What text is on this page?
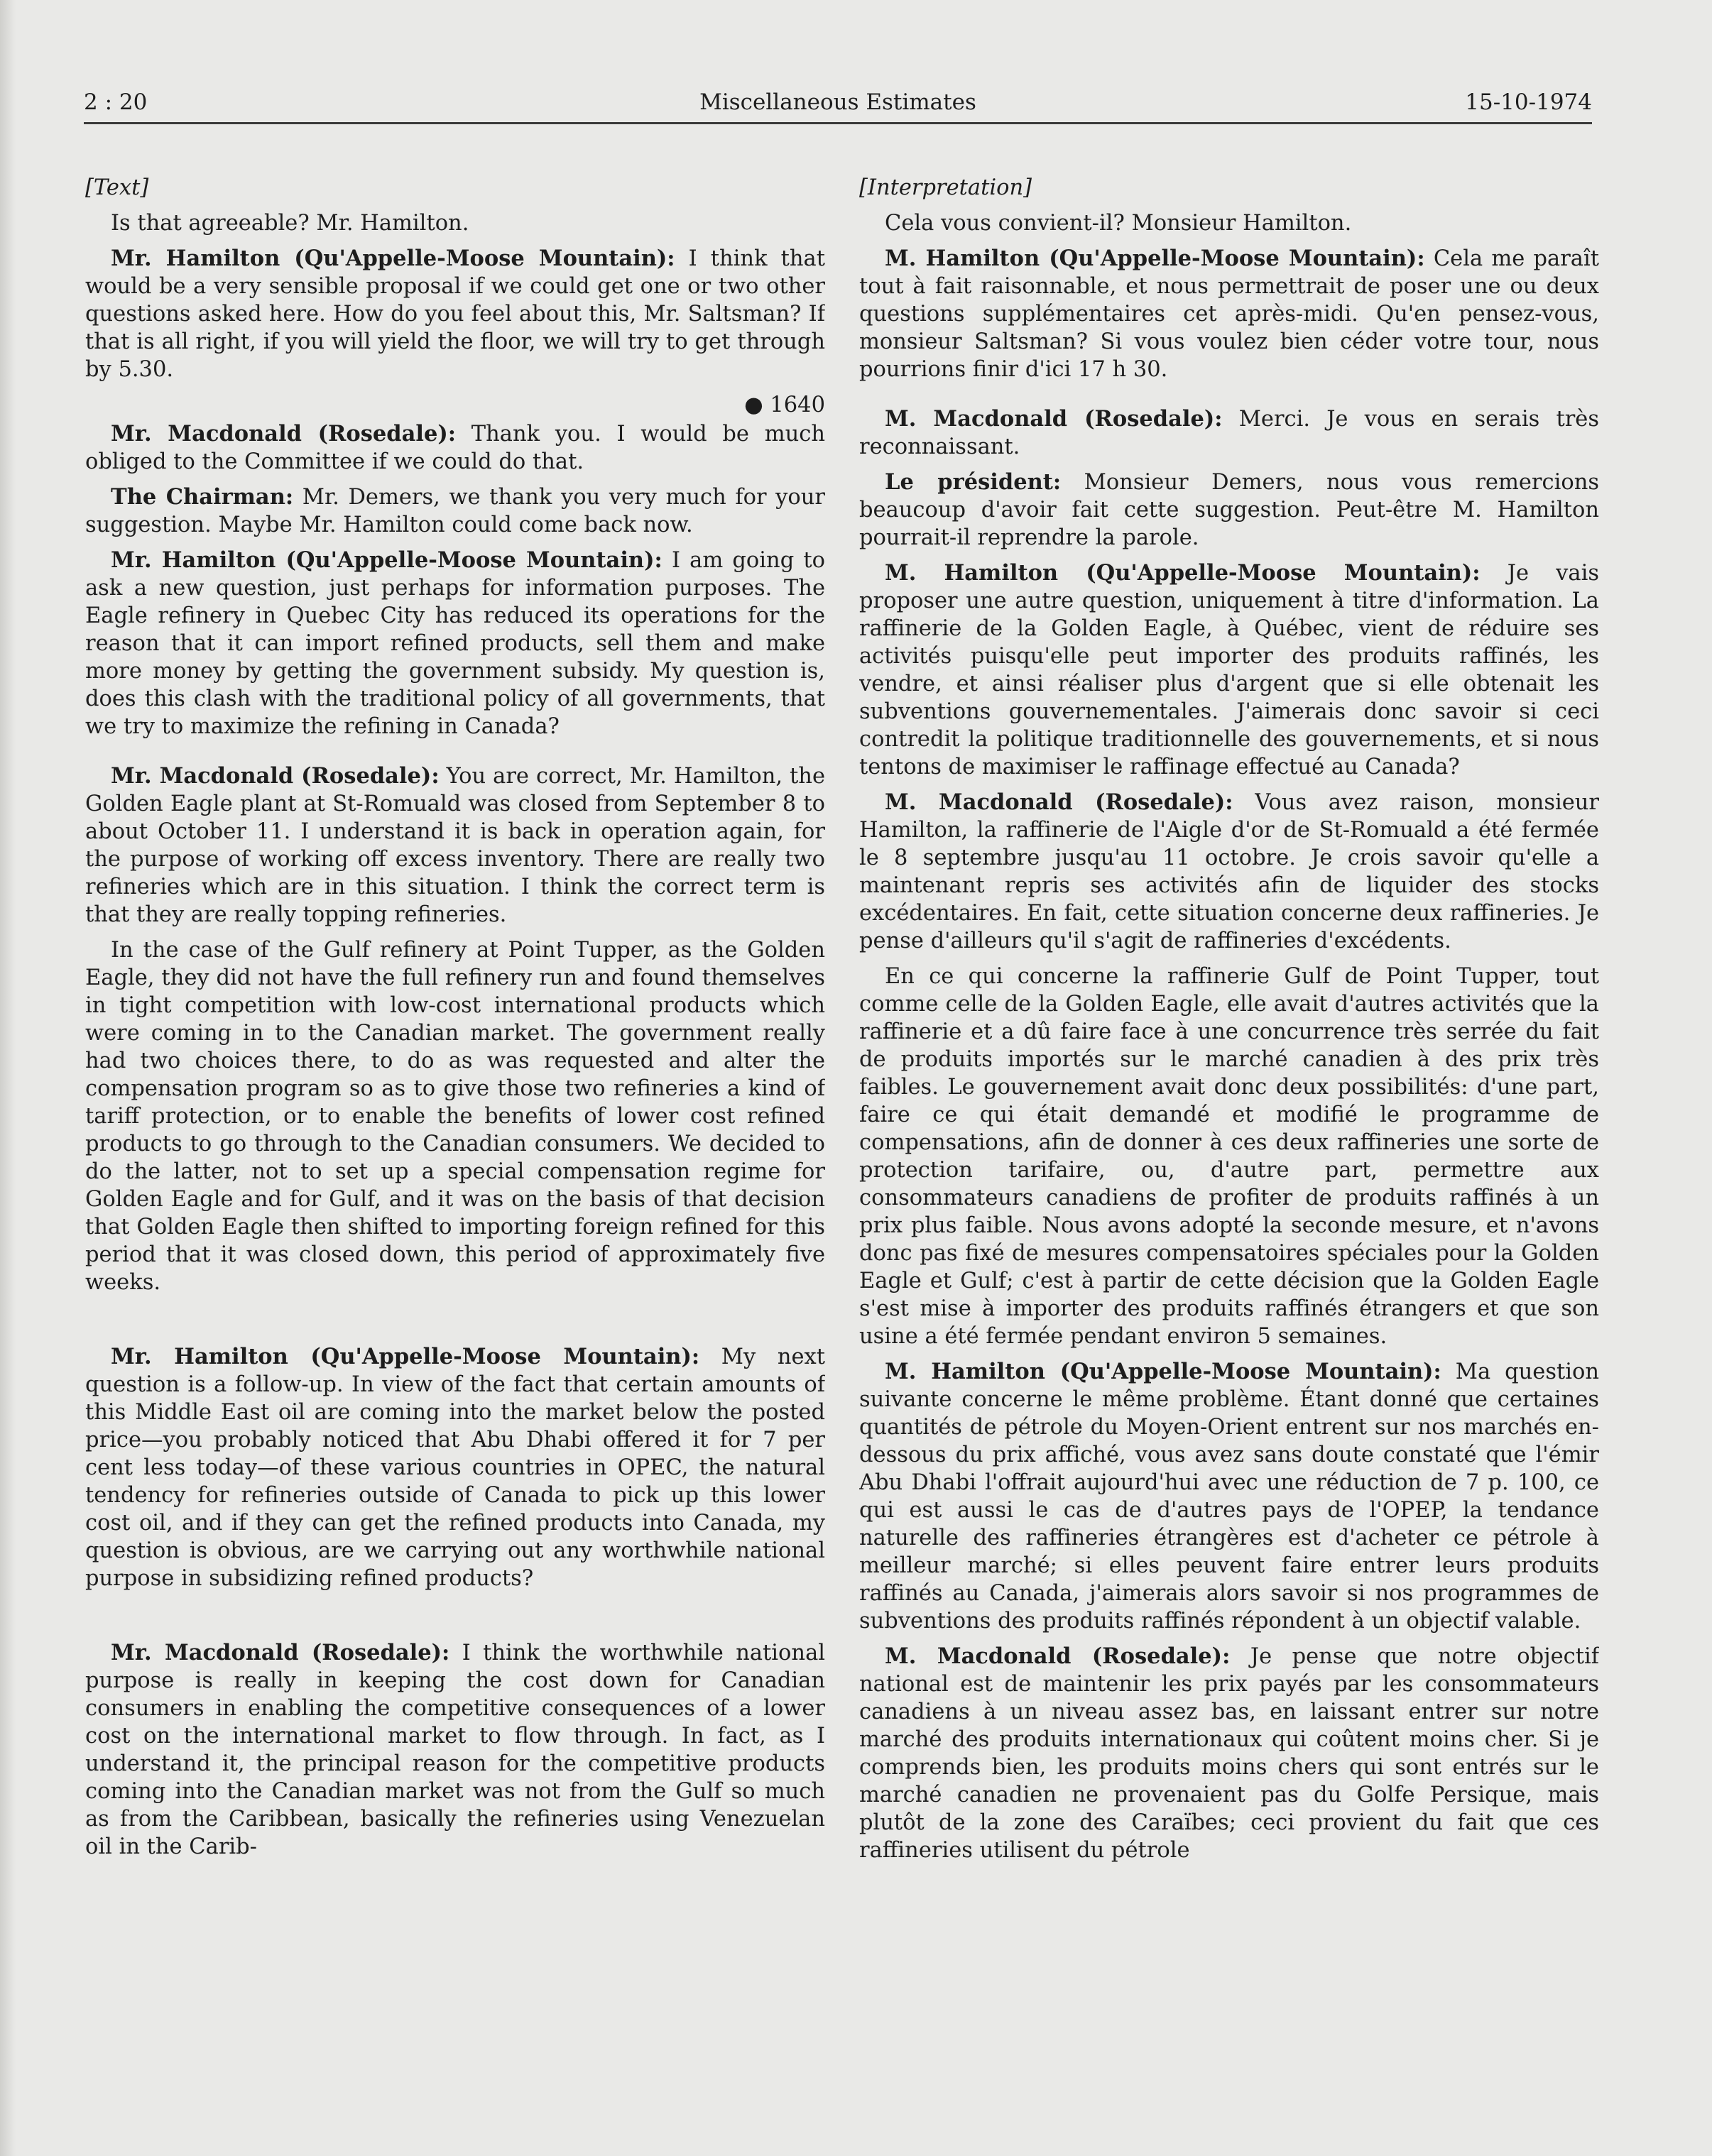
2 : 20	Miscellaneous Estimates	15-10-1974

[Text]

Is that agreeable? Mr. Hamilton.

Mr. Hamilton (Qu'Appelle-Moose Mountain): I think that would be a very sensible proposal if we could get one or two other questions asked here. How do you feel about this, Mr. Saltsman? If that is all right, if you will yield the floor, we will try to get through by 5.30.

● 1640

Mr. Macdonald (Rosedale): Thank you. I would be much obliged to the Committee if we could do that.

The Chairman: Mr. Demers, we thank you very much for your suggestion. Maybe Mr. Hamilton could come back now.

Mr. Hamilton (Qu'Appelle-Moose Mountain): I am going to ask a new question, just perhaps for information purposes. The Eagle refinery in Quebec City has reduced its operations for the reason that it can import refined products, sell them and make more money by getting the government subsidy. My question is, does this clash with the traditional policy of all governments, that we try to maximize the refining in Canada?

Mr. Macdonald (Rosedale): You are correct, Mr. Hamilton, the Golden Eagle plant at St-Romuald was closed from September 8 to about October 11. I understand it is back in operation again, for the purpose of working off excess inventory. There are really two refineries which are in this situation. I think the correct term is that they are really topping refineries.

In the case of the Gulf refinery at Point Tupper, as the Golden Eagle, they did not have the full refinery run and found themselves in tight competition with low-cost international products which were coming in to the Canadian market. The government really had two choices there, to do as was requested and alter the compensation program so as to give those two refineries a kind of tariff protection, or to enable the benefits of lower cost refined products to go through to the Canadian consumers. We decided to do the latter, not to set up a special compensation regime for Golden Eagle and for Gulf, and it was on the basis of that decision that Golden Eagle then shifted to importing foreign refined for this period that it was closed down, this period of approximately five weeks.

Mr. Hamilton (Qu'Appelle-Moose Mountain): My next question is a follow-up. In view of the fact that certain amounts of this Middle East oil are coming into the market below the posted price—you probably noticed that Abu Dhabi offered it for 7 per cent less today—of these various countries in OPEC, the natural tendency for refineries outside of Canada to pick up this lower cost oil, and if they can get the refined products into Canada, my question is obvious, are we carrying out any worthwhile national purpose in subsidizing refined products?

Mr. Macdonald (Rosedale): I think the worthwhile national purpose is really in keeping the cost down for Canadian consumers in enabling the competitive consequences of a lower cost on the international market to flow through. In fact, as I understand it, the principal reason for the competitive products coming into the Canadian market was not from the Gulf so much as from the Caribbean, basically the refineries using Venezuelan oil in the Carib-

[Interpretation]

Cela vous convient-il? Monsieur Hamilton.

M. Hamilton (Qu'Appelle-Moose Mountain): Cela me paraît tout à fait raisonnable, et nous permettrait de poser une ou deux questions supplémentaires cet après-midi. Qu'en pensez-vous, monsieur Saltsman? Si vous voulez bien céder votre tour, nous pourrions finir d'ici 17 h 30.

M. Macdonald (Rosedale): Merci. Je vous en serais très reconnaissant.

Le président: Monsieur Demers, nous vous remercions beaucoup d'avoir fait cette suggestion. Peut-être M. Hamilton pourrait-il reprendre la parole.

M. Hamilton (Qu'Appelle-Moose Mountain): Je vais proposer une autre question, uniquement à titre d'information. La raffinerie de la Golden Eagle, à Québec, vient de réduire ses activités puisqu'elle peut importer des produits raffinés, les vendre, et ainsi réaliser plus d'argent que si elle obtenait les subventions gouvernementales. J'aimerais donc savoir si ceci contredit la politique traditionnelle des gouvernements, et si nous tentons de maximiser le raffinage effectué au Canada?

M. Macdonald (Rosedale): Vous avez raison, monsieur Hamilton, la raffinerie de l'Aigle d'or de St-Romuald a été fermée le 8 septembre jusqu'au 11 octobre. Je crois savoir qu'elle a maintenant repris ses activités afin de liquider des stocks excédentaires. En fait, cette situation concerne deux raffineries. Je pense d'ailleurs qu'il s'agit de raffineries d'excédents.

En ce qui concerne la raffinerie Gulf de Point Tupper, tout comme celle de la Golden Eagle, elle avait d'autres activités que la raffinerie et a dû faire face à une concurrence très serrée du fait de produits importés sur le marché canadien à des prix très faibles. Le gouvernement avait donc deux possibilités: d'une part, faire ce qui était demandé et modifié le programme de compensations, afin de donner à ces deux raffineries une sorte de protection tarifaire, ou, d'autre part, permettre aux consommateurs canadiens de profiter de produits raffinés à un prix plus faible. Nous avons adopté la seconde mesure, et n'avons donc pas fixé de mesures compensatoires spéciales pour la Golden Eagle et Gulf; c'est à partir de cette décision que la Golden Eagle s'est mise à importer des produits raffinés étrangers et que son usine a été fermée pendant environ 5 semaines.

M. Hamilton (Qu'Appelle-Moose Mountain): Ma question suivante concerne le même problème. Étant donné que certaines quantités de pétrole du Moyen-Orient entrent sur nos marchés en-dessous du prix affiché, vous avez sans doute constaté que l'émir Abu Dhabi l'offrait aujourd'hui avec une réduction de 7 p. 100, ce qui est aussi le cas de d'autres pays de l'OPEP, la tendance naturelle des raffineries étrangères est d'acheter ce pétrole à meilleur marché; si elles peuvent faire entrer leurs produits raffinés au Canada, j'aimerais alors savoir si nos programmes de subventions des produits raffinés répondent à un objectif valable.

M. Macdonald (Rosedale): Je pense que notre objectif national est de maintenir les prix payés par les consommateurs canadiens à un niveau assez bas, en laissant entrer sur notre marché des produits internationaux qui coûtent moins cher. Si je comprends bien, les produits moins chers qui sont entrés sur le marché canadien ne provenaient pas du Golfe Persique, mais plutôt de la zone des Caraïbes; ceci provient du fait que ces raffineries utilisent du pétrole
